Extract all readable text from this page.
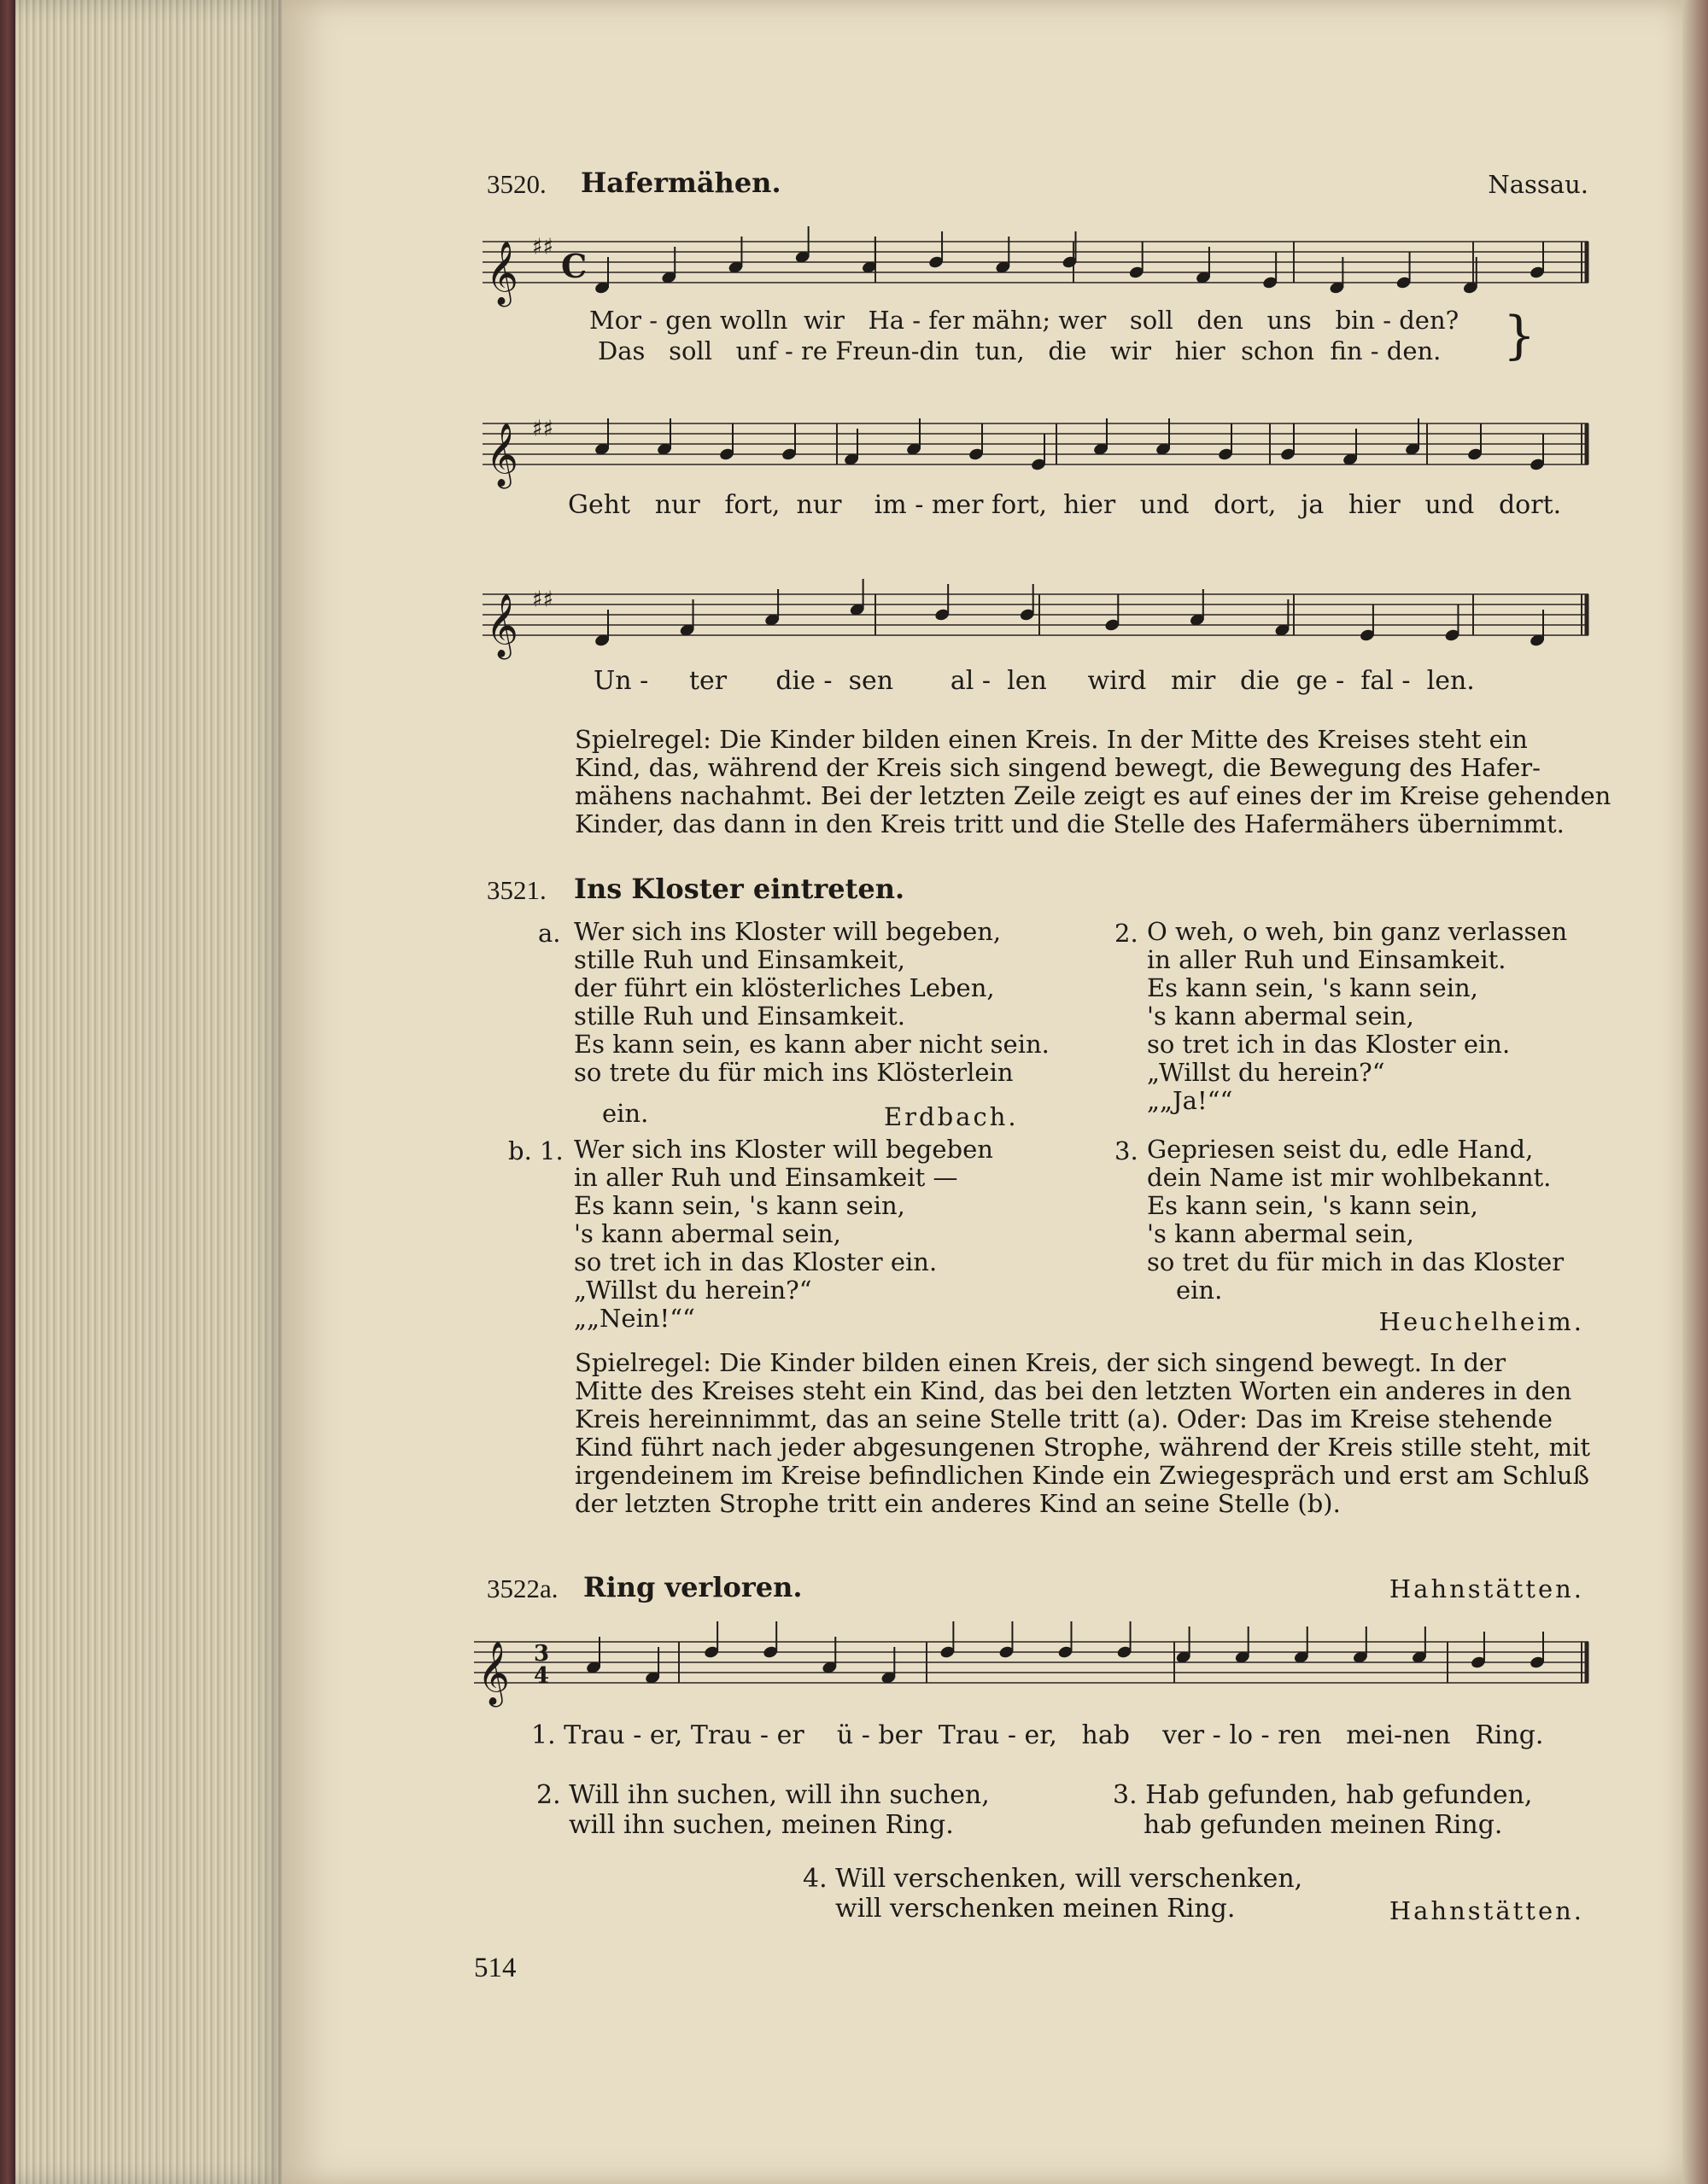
3520. Hafermähen.	Nassau.
𝄞 ♯♯ C
Mor - gen wolln wir Ha - fer mähn; wer soll den uns bin - den?
Das soll unf - re Freun-din tun, die wir hier schon fin - den. }
𝄞 ♯♯
Geht nur fort, nur im - mer fort, hier und dort, ja hier und dort.
𝄞 ♯♯
Un - ter die - sen al - len wird mir die ge - fal - len.
Spielregel: Die Kinder bilden einen Kreis. In der Mitte des Kreises steht ein
Kind, das, während der Kreis sich singend bewegt, die Bewegung des Hafer-
mähens nachahmt. Bei der letzten Zeile zeigt es auf eines der im Kreise gehenden
Kinder, das dann in den Kreis tritt und die Stelle des Hafermähers übernimmt.
3521. Ins Kloster eintreten.
a. Wer sich ins Kloster will begeben,
stille Ruh und Einsamkeit,
der führt ein klösterliches Leben,
stille Ruh und Einsamkeit.
Es kann sein, es kann aber nicht sein.
so trete du für mich ins Klösterlein
ein.	Erdbach.
2. O weh, o weh, bin ganz verlassen
in aller Ruh und Einsamkeit.
Es kann sein, 's kann sein,
's kann abermal sein,
so tret ich in das Kloster ein.
„Willst du herein?“
„„Ja!““
b. 1. Wer sich ins Kloster will begeben
in aller Ruh und Einsamkeit —
Es kann sein, 's kann sein,
's kann abermal sein,
so tret ich in das Kloster ein.
„Willst du herein?“
„„Nein!““
3. Gepriesen seist du, edle Hand,
dein Name ist mir wohlbekannt.
Es kann sein, 's kann sein,
's kann abermal sein,
so tret du für mich in das Kloster
ein.
Heuchelheim.
Spielregel: Die Kinder bilden einen Kreis, der sich singend bewegt. In der
Mitte des Kreises steht ein Kind, das bei den letzten Worten ein anderes in den
Kreis hereinnimmt, das an seine Stelle tritt (a). Oder: Das im Kreise stehende
Kind führt nach jeder abgesungenen Strophe, während der Kreis stille steht, mit
irgendeinem im Kreise befindlichen Kinde ein Zwiegespräch und erst am Schluß
der letzten Strophe tritt ein anderes Kind an seine Stelle (b).
3522a. Ring verloren.	Hahnstätten.
𝄞 3
4
1. Trau - er, Trau - er ü - ber Trau - er, hab ver - lo - ren mei-nen Ring.
2. Will ihn suchen, will ihn suchen,
will ihn suchen, meinen Ring.
3. Hab gefunden, hab gefunden,
hab gefunden meinen Ring.
4. Will verschenken, will verschenken,
will verschenken meinen Ring.	Hahnstätten.
514
